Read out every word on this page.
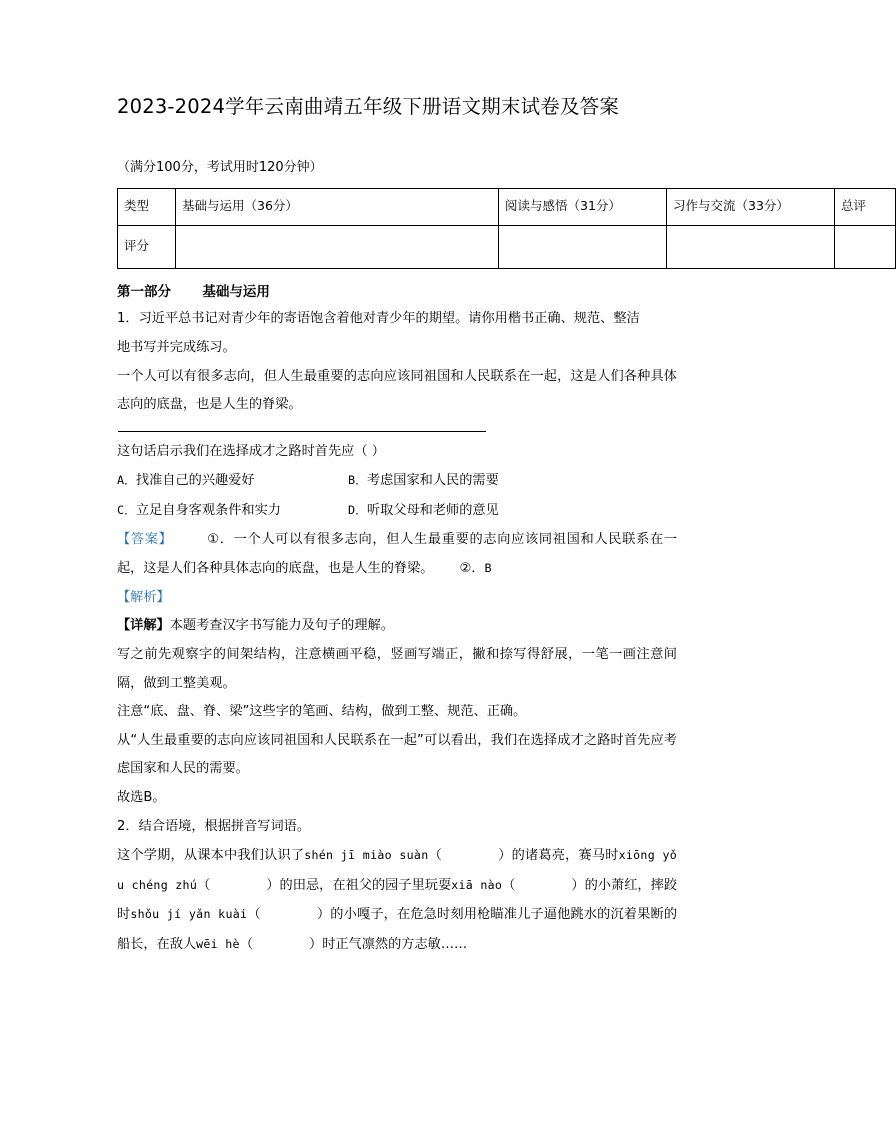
2023-2024学年云南曲靖五年级下册语文期末试卷及答案
（满分100分，考试用时120分钟）
类型	基础与运用（36分）	阅读与感悟（31分）	习作与交流（33分）	总评
评分				
第一部分 基础与运用

1．习近平总书记对青少年的寄语饱含着他对青少年的期望。请你用楷书正确、规范、整洁

地书写并完成练习。

一个人可以有很多志向，但人生最重要的志向应该同祖国和人民联系在一起，这是人们各种具体志向的底盘，也是人生的脊梁。

这句话启示我们在选择成才之路时首先应（ ）

A．找准自己的兴趣爱好	B．考虑国家和人民的需要
C．立足自身客观条件和实力	D．听取父母和老师的意见

【答案】	①．一个人可以有很多志向，但人生最重要的志向应该同祖国和人民联系在一起，这是人们各种具体志向的底盘，也是人生的脊梁。 ②．B

【解析】

【详解】本题考查汉字书写能力及句子的理解。

写之前先观察字的间架结构，注意横画平稳，竖画写端正，撇和捺写得舒展，一笔一画注意间隔，做到工整美观。

注意“底、盘、脊、梁”这些字的笔画、结构，做到工整、规范、正确。

从“人生最重要的志向应该同祖国和人民联系在一起”可以看出，我们在选择成才之路时首先应考虑国家和人民的需要。

故选B。

2．结合语境，根据拼音写词语。

这个学期，从课本中我们认识了shén jī miào suàn（	）的诸葛亮，赛马时xiōng yǒu chéng zhú（	）的田忌，在祖父的园子里玩耍xiā nào（	）的小萧红，摔跤时shǒu jí yǎn kuài（	）的小嘎子，在危急时刻用枪瞄准儿子逼他跳水的沉着果断的船长，在敌人wēi hè（	）时正气凛然的方志敏……
